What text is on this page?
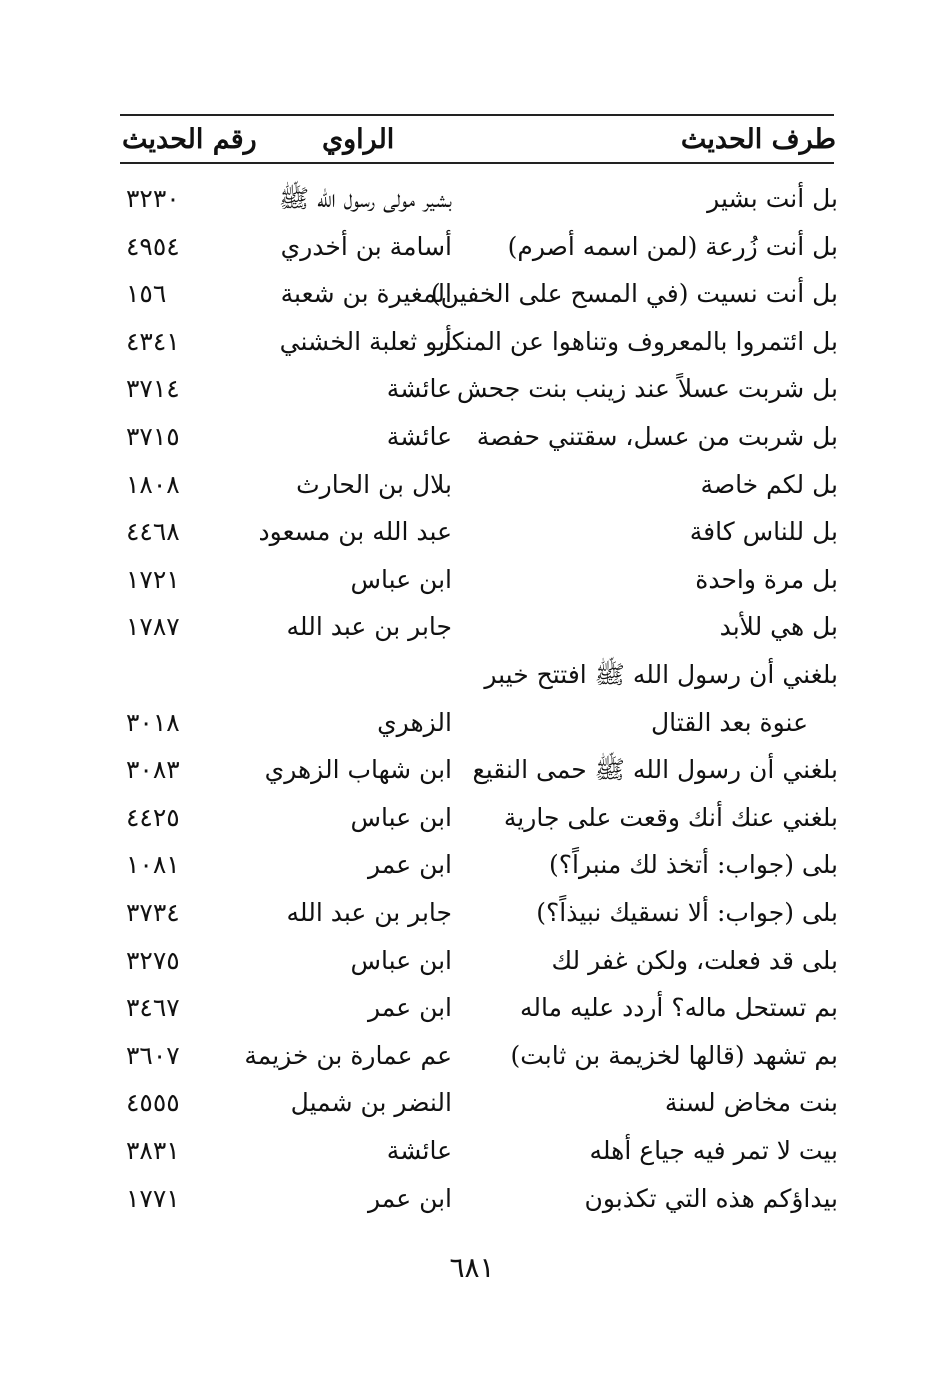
طرف الحديث
الراوي
رقم الحديث
بل أنت بشير
بشير مولى رسول الله ﷺ
٣٢٣٠
بل أنت زُرعة (لمن اسمه أصرم)
أسامة بن أخدري
٤٩٥٤
بل أنت نسيت (في المسح على الخفين)
المغيرة بن شعبة
١٥٦
بل ائتمروا بالمعروف وتناهوا عن المنكر
أبو ثعلبة الخشني
٤٣٤١
بل شربت عسلاً عند زينب بنت جحش
عائشة
٣٧١٤
بل شربت من عسل، سقتني حفصة
عائشة
٣٧١٥
بل لكم خاصة
بلال بن الحارث
١٨٠٨
بل للناس كافة
عبد الله بن مسعود
٤٤٦٨
بل مرة واحدة
ابن عباس
١٧٢١
بل هي للأبد
جابر بن عبد الله
١٧٨٧
بلغني أن رسول الله ﷺ افتتح خيبر
عنوة بعد القتال
الزهري
٣٠١٨
بلغني أن رسول الله ﷺ حمى النقيع
ابن شهاب الزهري
٣٠٨٣
بلغني عنك أنك وقعت على جارية
ابن عباس
٤٤٢٥
بلى (جواب: أتخذ لك منبراً؟)
ابن عمر
١٠٨١
بلى (جواب: ألا نسقيك نبيذاً؟)
جابر بن عبد الله
٣٧٣٤
بلى قد فعلت، ولكن غفر لك
ابن عباس
٣٢٧٥
بم تستحل ماله؟ أردد عليه ماله
ابن عمر
٣٤٦٧
بم تشهد (قالها لخزيمة بن ثابت)
عم عمارة بن خزيمة
٣٦٠٧
بنت مخاض لسنة
النضر بن شميل
٤٥٥٥
بيت لا تمر فيه جياع أهله
عائشة
٣٨٣١
بيداؤكم هذه التي تكذبون
ابن عمر
١٧٧١
٦٨١
